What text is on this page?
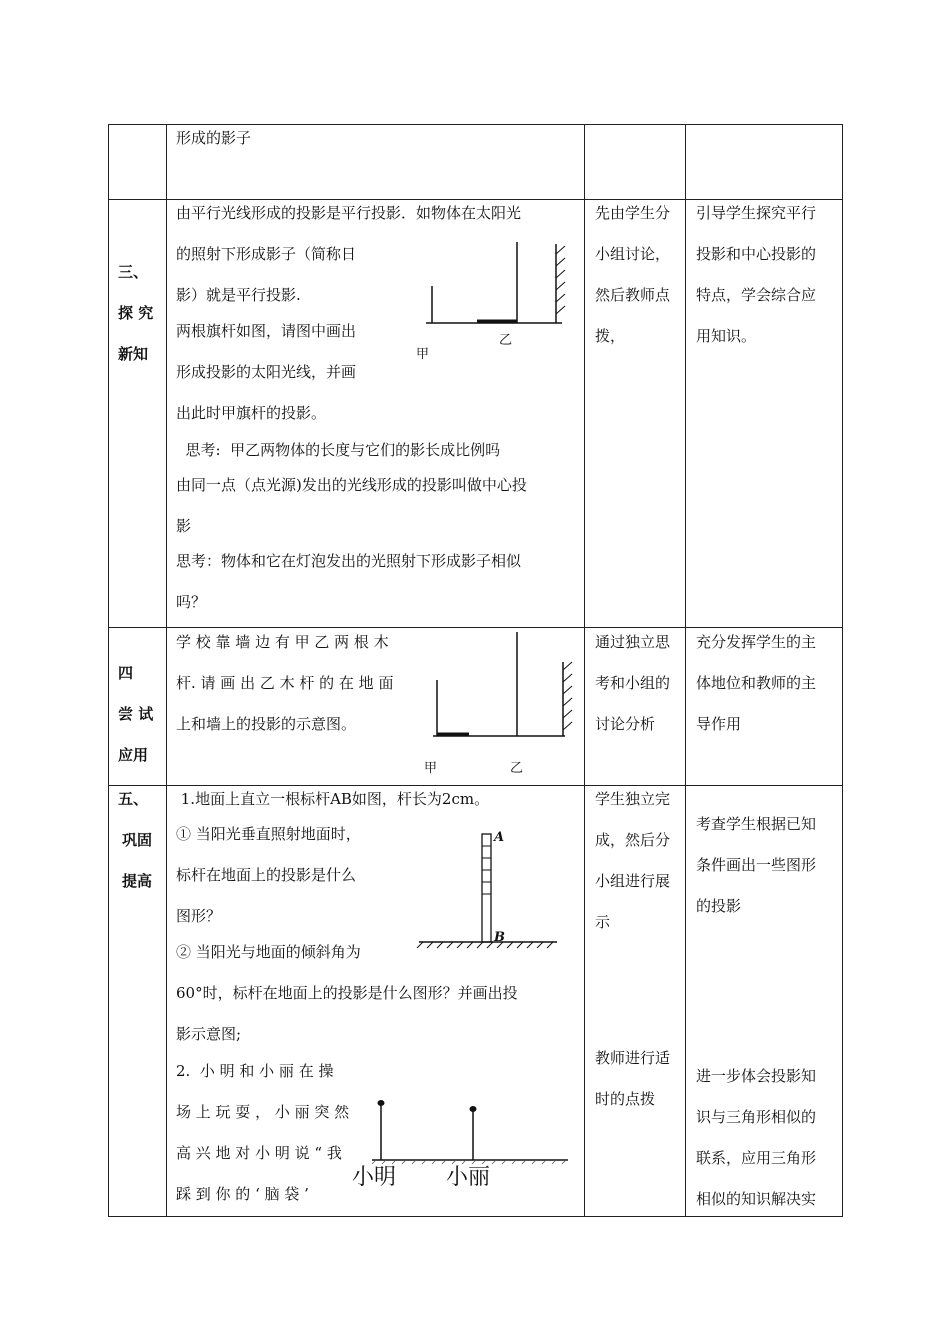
形成的影子
三、
探 究
新知
由平行光线形成的投影是平行投影．如物体在太阳光
的照射下形成影子（简称日
影）就是平行投影.
两根旗杆如图，请图中画出
形成投影的太阳光线，并画
出此时甲旗杆的投影。
思考:  甲乙两物体的长度与它们的影长成比例吗
由同一点（点光源)发出的光线形成的投影叫做中心投
影
思考：物体和它在灯泡发出的光照射下形成影子相似
吗？
甲
乙
先由学生分
小组讨论，
然后教师点
拨，
引导学生探究平行
投影和中心投影的
特点，学会综合应
用知识。
四
尝 试
应用
学 校 靠 墙 边 有 甲 乙 两 根 木
杆. 请 画 出 乙 木 杆 的 在 地 面
上和墙上的投影的示意图。
甲	乙
通过独立思
考和小组的
讨论分析
充分发挥学生的主
体地位和教师的主
导作用
五、
巩固
提高
1.地面上直立一根标杆AB如图，杆长为2cm。
① 当阳光垂直照射地面时，
标杆在地面上的投影是什么
图形？
② 当阳光与地面的倾斜角为
60°时，标杆在地面上的投影是什么图形？并画出投
影示意图;
2.  小 明 和 小 丽 在 操
场 上 玩 耍 ， 小 丽 突 然
高 兴 地 对 小 明 说 “ 我
踩 到 你 的 ‘ 脑 袋 ’
A
B
小明 小丽
学生独立完
成，然后分
小组进行展
示
教师进行适
时的点拨
考查学生根据已知
条件画出一些图形
的投影
进一步体会投影知
识与三角形相似的
联系，应用三角形
相似的知识解决实
